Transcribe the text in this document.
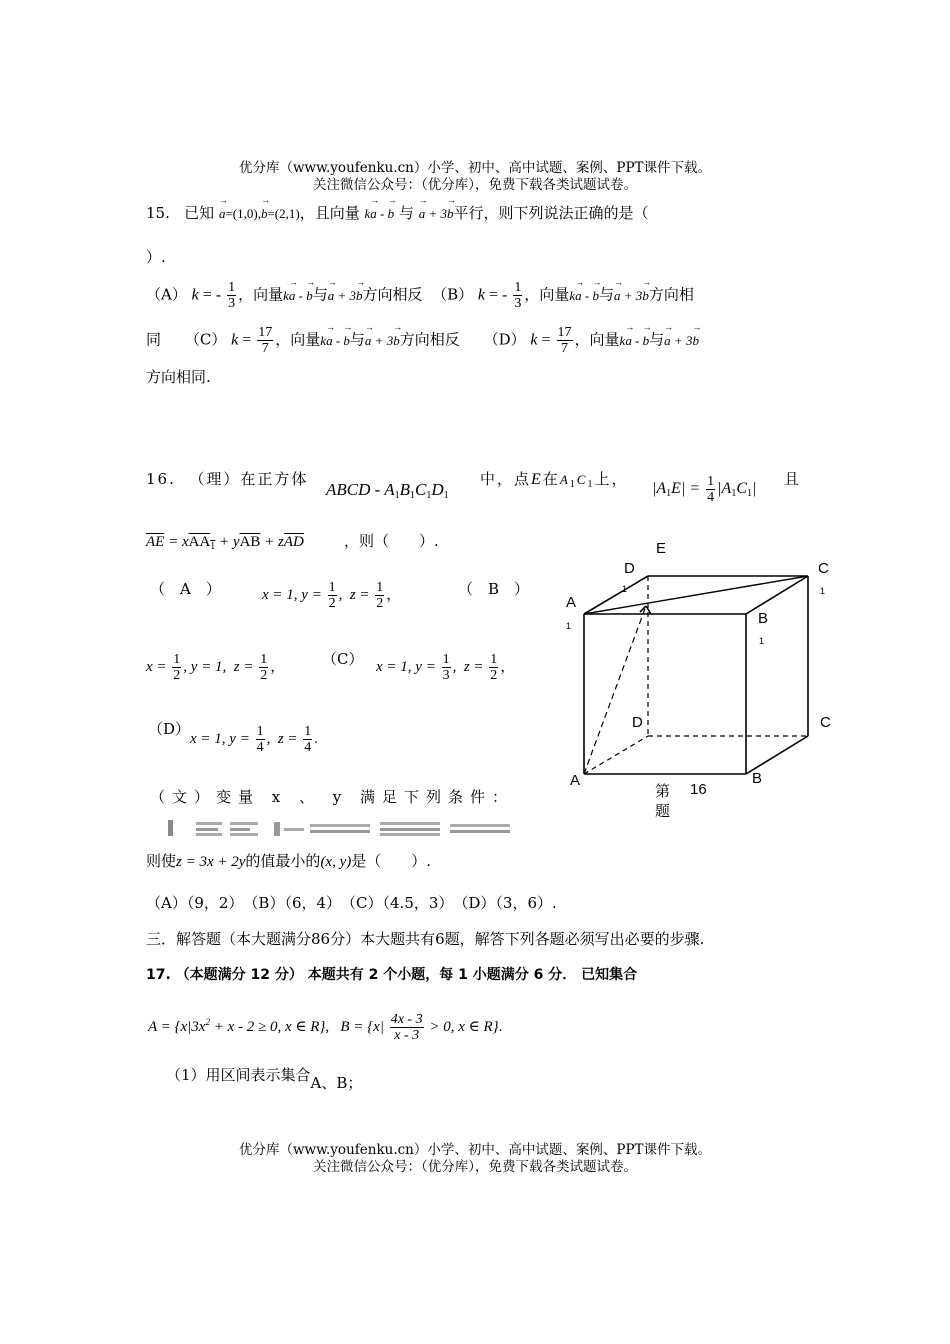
优分库（www.youfenku.cn）小学、初中、高中试题、案例、PPT课件下载。
关注微信公众号：（优分库），免费下载各类试题试卷。
15. 已知 → a=(1,0),→ b=(2,1)，且向量 k→ a - → b 与 → a + 3→ b平行，则下列说法正确的是（
）.
（A） k = - $\frac{1}{3}$ ，向量k→ a - → b与→ a + 3→ b方向相反 （B） k = - $\frac{1}{3}$ ，向量k→ a - → b与→ a + 3→ b方向相
同 （C） $k = \frac{17}{7}$ ，向量k→ a - → b与→ a + 3→ b方向相反 （D） $k = \frac{17}{7}$ ，向量k→ a - → b与→ a + 3→ b
方向相同.
16. （理）在正方体
ABCD - $A_1B_1C_1D_1$
中，点E在$A_1C_1$上，
$|A_1E| = \frac{1}{4} |A_1C_1|$
且
$\overline{AE} = xAA_1 + y\overline{AB} + z\overline{AD}$	，则（　　）.
（　A　）	x = 1, $y = \frac{1}{2}$ ,  $z = \frac{1}{2}$ ，	（　B　）
$x = \frac{1}{2}$ , y = 1,  $z = \frac{1}{2}$ ， （C） x = 1, $y = \frac{1}{3}$ ,  $z = \frac{1}{2}$ ，
（D）
x = 1, $y = \frac{1}{4}$ ,  $z = \frac{1}{4}$ .
（文）变量 x 、 y 满足下列条件：
则使z = 3x + 2y的值最小的(x, y)是（　　）.
（A）（9，2）　（B）（6，4）　（C）（4.5，3）　（D）（3，6）.
三．解答题（本大题满分86分）本大题共有6题，解答下列各题必须写出必要的步骤.
17. （本题满分 12 分） 本题共有 2 个小题，每 1 小题满分 6 分． 已知集合
$A = \{x|3x^2 + x - 2 \ge 0$, x ∈ R},   $B = \{x| \frac{4x - 3}{x - 3} > 0$, x ∈ R}.
（1）用区间表示集合A、B；
优分库（www.youfenku.cn）小学、初中、高中试题、案例、PPT课件下载。
关注微信公众号：（优分库），免费下载各类试题试卷。
E
D
1
C
1
A
1	B
1
D	C
A	B
第 16
题
